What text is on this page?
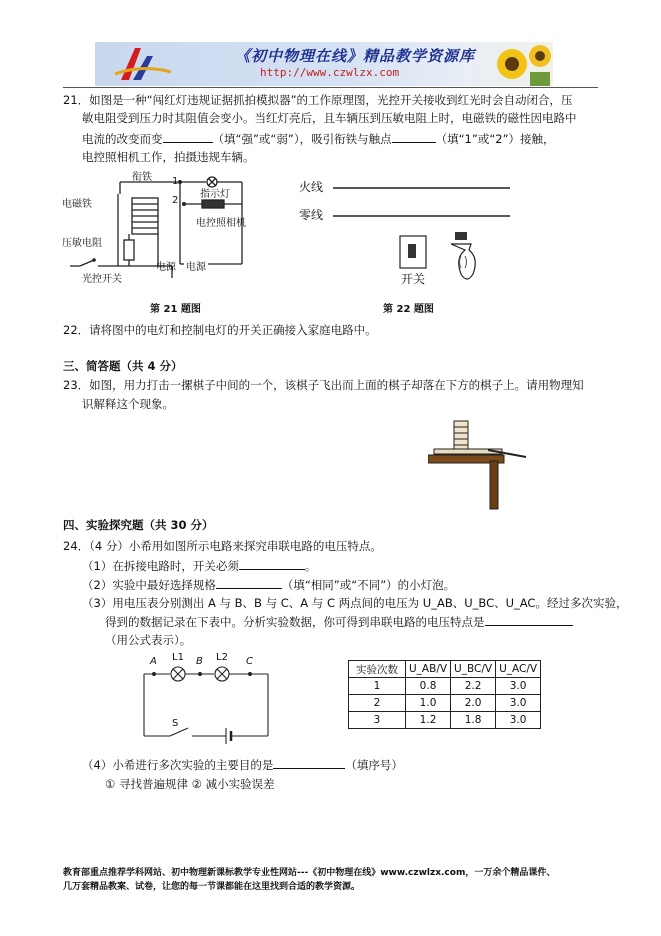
《初中物理在线》精品教学资源库
http://www.czwlzx.com
21．如图是一种“闯红灯违规证据抓拍模拟器”的工作原理图，光控开关接收到红光时会自动闭合，压
敏电阻受到压力时其阻值会变小。当红灯亮后，且车辆压到压敏电阻上时，电磁铁的磁性因电路中
电流的改变而变	（填“强”或“弱”），吸引衔铁与触点	（填“1”或“2”）接触，
电控照相机工作，拍摄违规车辆。
衔铁 1
2
指示灯
电磁铁
电控照相机
压敏电阻
电源 电源
光控开关
第 21 题图
火线
零线
开关
第 22 题图
22．请将图中的电灯和控制电灯的开关正确接入家庭电路中。
三、简答题（共 4 分）
23．如图，用力打击一摞棋子中间的一个，该棋子飞出而上面的棋子却落在下方的棋子上。请用物理知
识解释这个现象。
四、实验探究题（共 30 分）
24．（4 分）小希用如图所示电路来探究串联电路的电压特点。
（1）在拆接电路时，开关必须	。
（2）实验中最好选择规格	（填“相同”或“不同”）的小灯泡。
（3）用电压表分别测出 A 与 B、B 与 C、A 与 C 两点间的电压为 U_AB、U_BC、U_AC。经过多次实验，
得到的数据记录在下表中。分析实验数据，你可得到串联电路的电压特点是
（用公式表示）。
A L1 B L2 C
S
实验次数	U_AB/V	U_BC/V	U_AC/V
1	0.8	2.2	3.0
2	1.0	2.0	3.0
3	1.2	1.8	3.0
（4）小希进行多次实验的主要目的是	（填序号）
① 寻找普遍规律 ② 减小实验误差
教育部重点推荐学科网站、初中物理新课标教学专业性网站---《初中物理在线》www.czwlzx.com，一万余个精品课件、
几万套精品教案、试卷，让您的每一节课都能在这里找到合适的教学资源。
